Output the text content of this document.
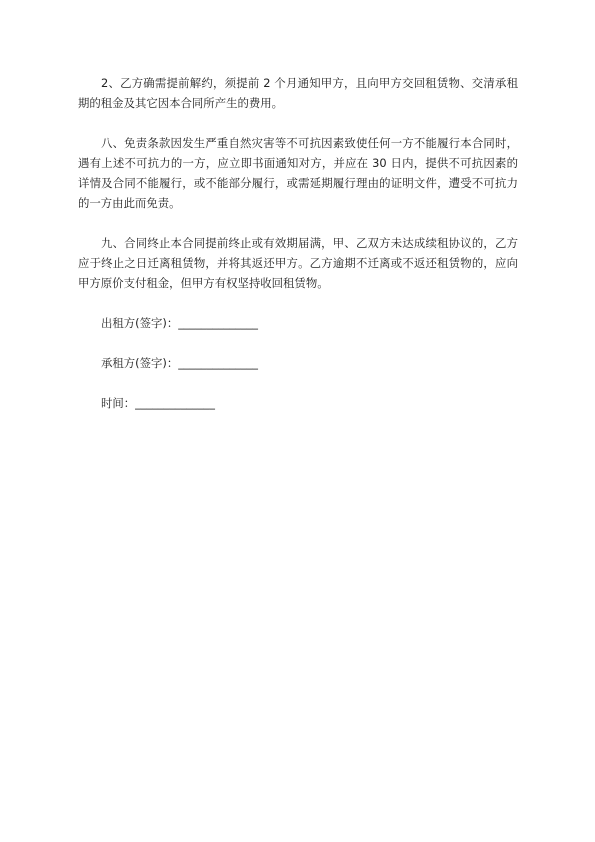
2、乙方确需提前解约，须提前 2 个月通知甲方，且向甲方交回租赁物、交清承租期的租金及其它因本合同所产生的费用。

八、免责条款因发生严重自然灾害等不可抗因素致使任何一方不能履行本合同时，遇有上述不可抗力的一方，应立即书面通知对方，并应在 30 日内，提供不可抗因素的详情及合同不能履行，或不能部分履行，或需延期履行理由的证明文件，遭受不可抗力的一方由此而免责。

九、合同终止本合同提前终止或有效期届满，甲、乙双方未达成续租协议的，乙方应于终止之日迁离租赁物，并将其返还甲方。乙方逾期不迁离或不返还租赁物的，应向甲方原价支付租金，但甲方有权坚持收回租赁物。

出租方(签字)：______________

承租方(签字)：______________

时间：______________
